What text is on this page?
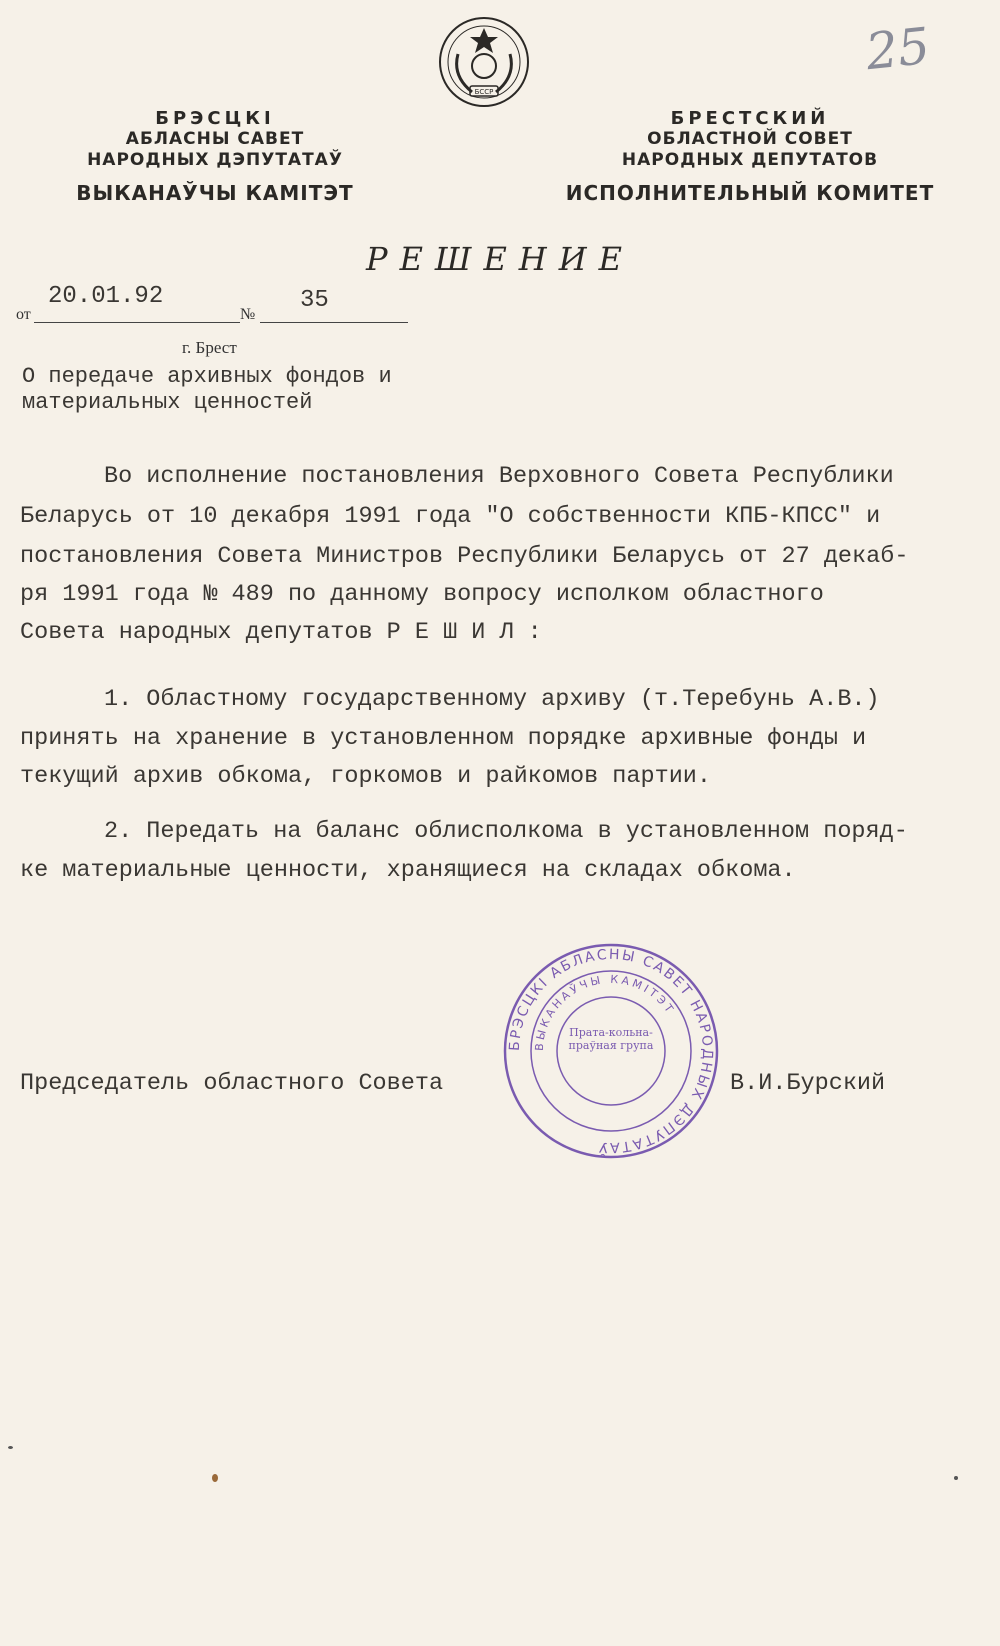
25
БССР
БРЭСЦКІ
АБЛАСНЫ САВЕТ
НАРОДНЫХ ДЭПУТАТАЎ
ВЫКАНАЎЧЫ КАМІТЭТ
БРЕСТСКИЙ
ОБЛАСТНОЙ СОВЕТ
НАРОДНЫХ ДЕПУТАТОВ
ИСПОЛНИТЕЛЬНЫЙ КОМИТЕТ
РЕШЕНИЕ
от
20.01.92
№
35
г. Брест
О передаче архивных фондов и
материальных ценностей
Во исполнение постановления Верховного Совета Республики
Беларусь от 10 декабря 1991 года "О собственности КПБ-КПСС" и
постановления Совета Министров Республики Беларусь от 27 декаб-
ря 1991 года № 489 по данному вопросу исполком областного
Совета народных депутатов Р Е Ш И Л :
1. Областному государственному архиву (т.Теребунь А.В.)
принять на хранение в установленном порядке архивные фонды и
текущий архив обкома, горкомов и райкомов партии.
2. Передать на баланс облисполкома в установленном поряд-
ке материальные ценности, хранящиеся на складах обкома.
БРЭСЦКІ АБЛАСНЫ САВЕТ НАРОДНЫХ ДЭПУТАТАЎ
ВЫКАНАЎЧЫ КАМІТЭТ
Прата-кольна-праўная група
Председатель областного Совета	В.И.Бурский
